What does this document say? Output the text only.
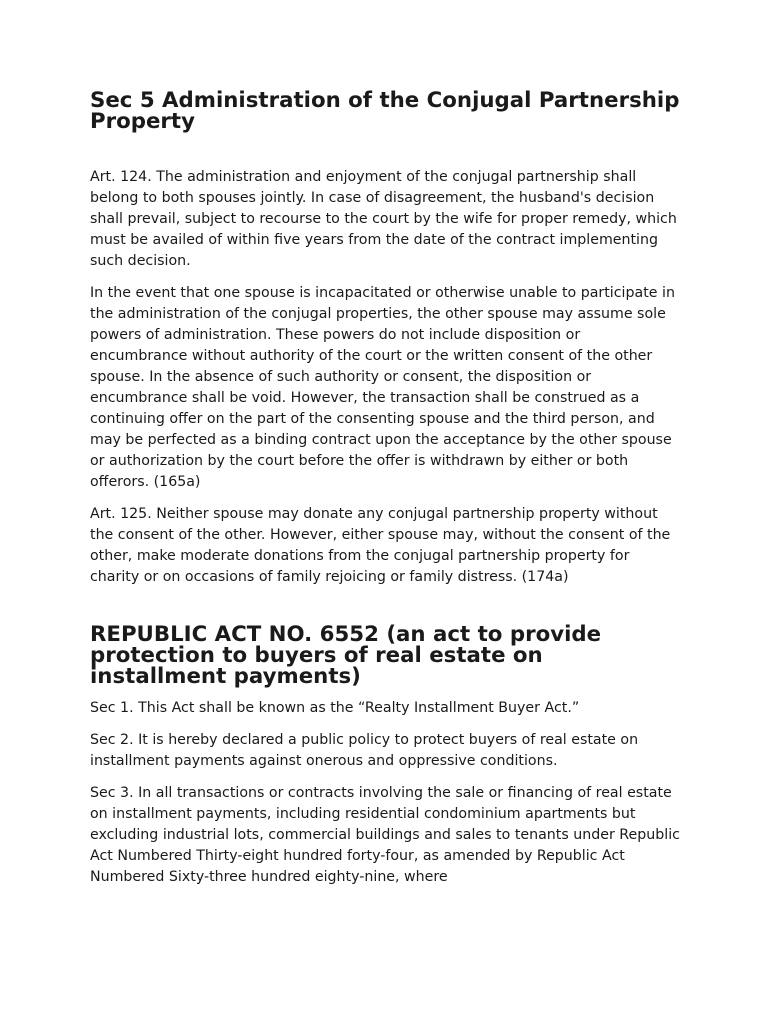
Sec 5 Administration of the Conjugal Partnership Property

Art. 124. The administration and enjoyment of the conjugal partnership shall belong to both spouses jointly. In case of disagreement, the husband's decision shall prevail, subject to recourse to the court by the wife for proper remedy, which must be availed of within five years from the date of the contract implementing such decision.

In the event that one spouse is incapacitated or otherwise unable to participate in the administration of the conjugal properties, the other spouse may assume sole powers of administration. These powers do not include disposition or encumbrance without authority of the court or the written consent of the other spouse. In the absence of such authority or consent, the disposition or encumbrance shall be void. However, the transaction shall be construed as a continuing offer on the part of the consenting spouse and the third person, and may be perfected as a binding contract upon the acceptance by the other spouse or authorization by the court before the offer is withdrawn by either or both offerors. (165a)

Art. 125. Neither spouse may donate any conjugal partnership property without the consent of the other. However, either spouse may, without the consent of the other, make moderate donations from the conjugal partnership property for charity or on occasions of family rejoicing or family distress. (174a)

REPUBLIC ACT NO. 6552 (an act to provide protection to buyers of real estate on installment payments)

Sec 1. This Act shall be known as the “Realty Installment Buyer Act.”

Sec 2. It is hereby declared a public policy to protect buyers of real estate on installment payments against onerous and oppressive conditions.

Sec 3. In all transactions or contracts involving the sale or financing of real estate on installment payments, including residential condominium apartments but excluding industrial lots, commercial buildings and sales to tenants under Republic Act Numbered Thirty-eight hundred forty-four, as amended by Republic Act Numbered Sixty-three hundred eighty-nine, where
